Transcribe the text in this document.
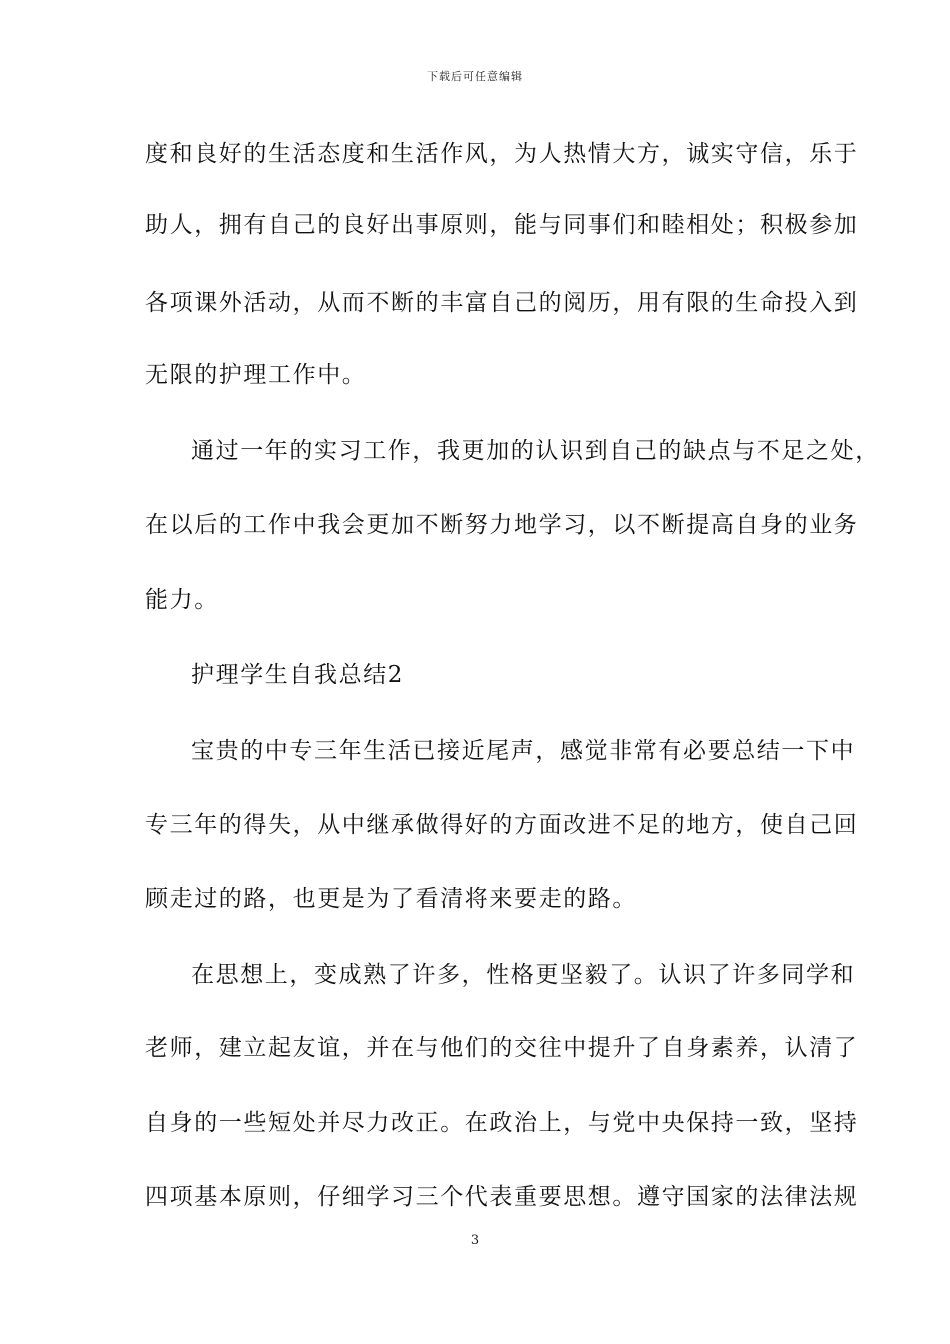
下载后可任意编辑
度和良好的生活态度和生活作风，为人热情大方，诚实守信，乐于
助人，拥有自己的良好出事原则，能与同事们和睦相处；积极参加
各项课外活动，从而不断的丰富自己的阅历，用有限的生命投入到
无限的护理工作中。
通过一年的实习工作，我更加的认识到自己的缺点与不足之处，
在以后的工作中我会更加不断努力地学习，以不断提高自身的业务
能力。
护理学生自我总结2
宝贵的中专三年生活已接近尾声，感觉非常有必要总结一下中
专三年的得失，从中继承做得好的方面改进不足的地方，使自己回
顾走过的路，也更是为了看清将来要走的路。
在思想上，变成熟了许多，性格更坚毅了。认识了许多同学和
老师，建立起友谊，并在与他们的交往中提升了自身素养，认清了
自身的一些短处并尽力改正。在政治上，与党中央保持一致，坚持
四项基本原则，仔细学习三个代表重要思想。遵守国家的法律法规
3
